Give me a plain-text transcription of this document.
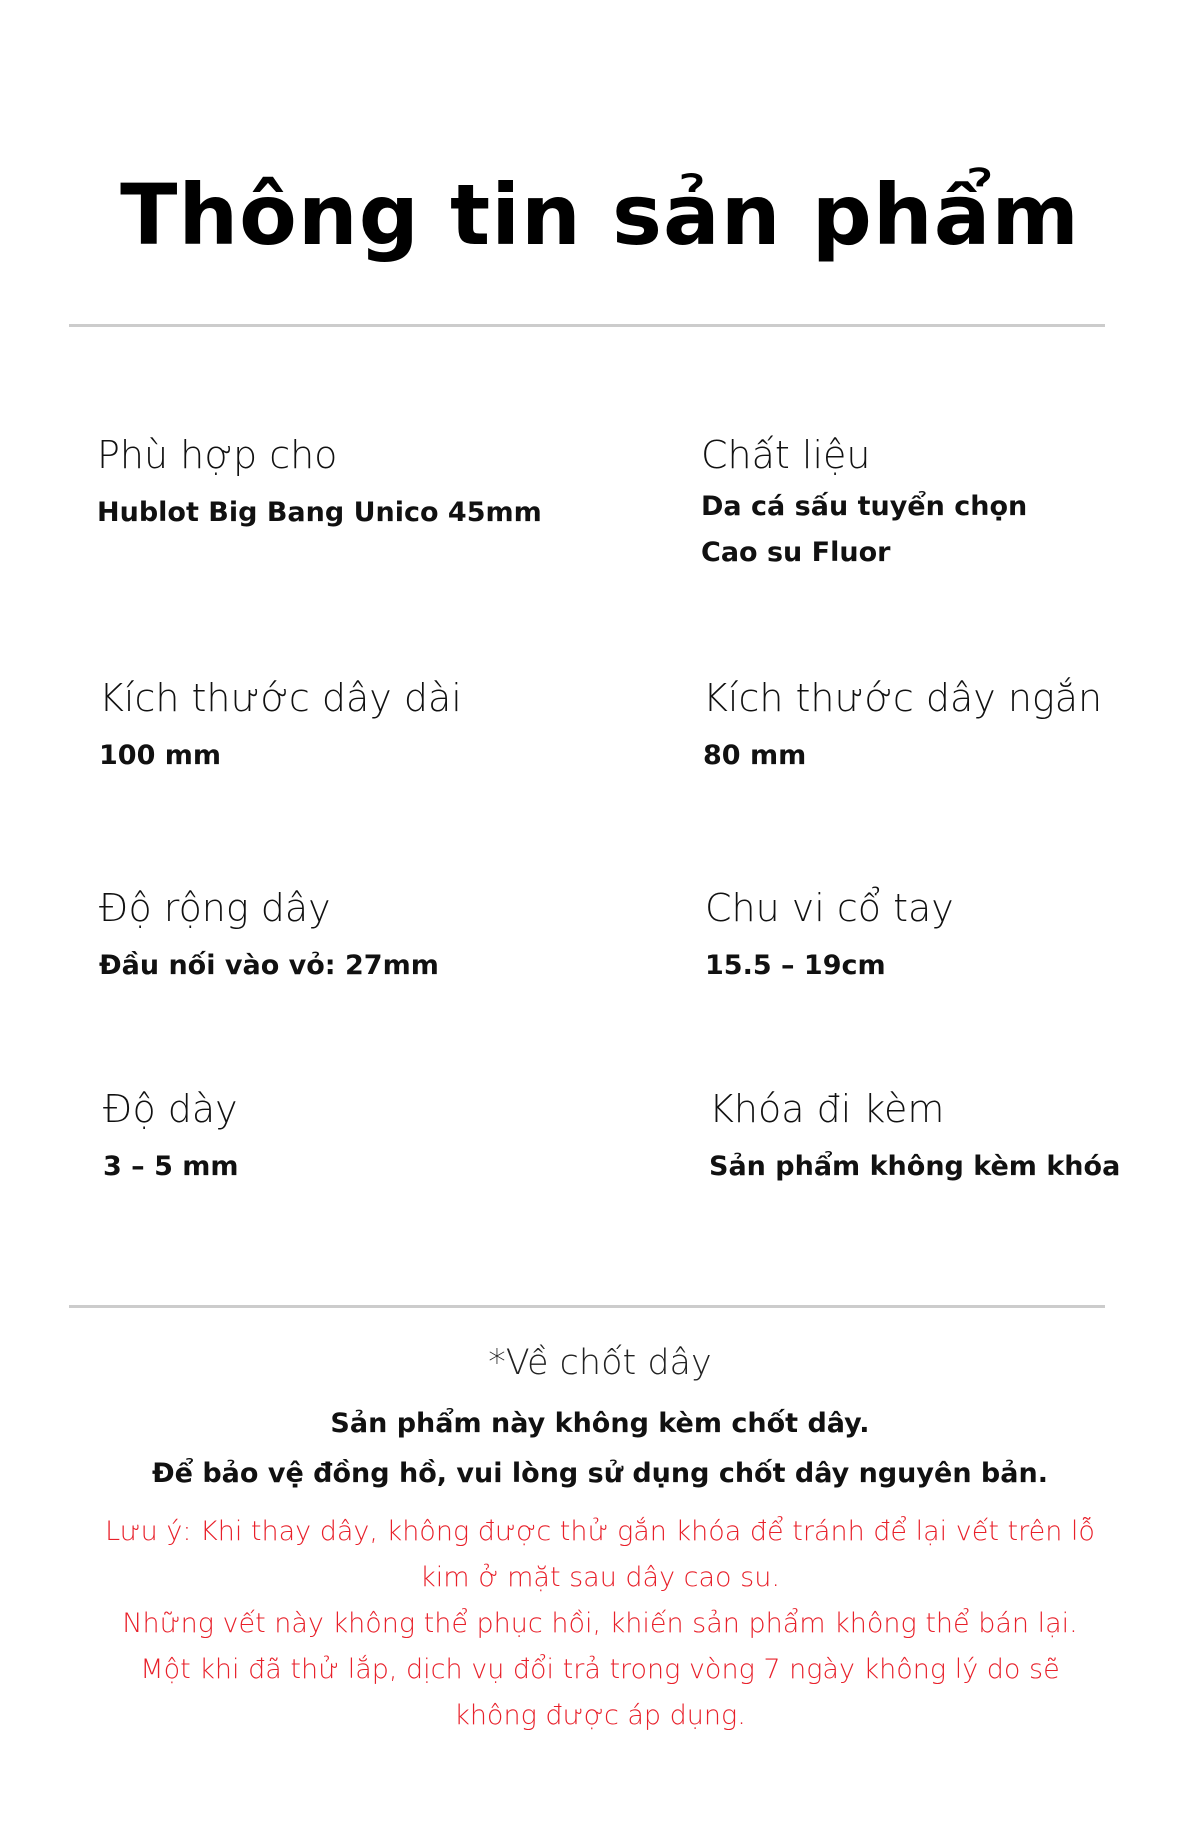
Thông tin sản phẩm
Phù hợp cho
Hublot Big Bang Unico 45mm
Chất liệu
Da cá sấu tuyển chọn
Cao su Fluor
Kích thước dây dài
100 mm
Kích thước dây ngắn
80 mm
Độ rộng dây
Đầu nối vào vỏ: 27mm
Chu vi cổ tay
15.5 – 19cm
Độ dày
3 – 5 mm
Khóa đi kèm
Sản phẩm không kèm khóa
*Về chốt dây
Sản phẩm này không kèm chốt dây.
Để bảo vệ đồng hồ, vui lòng sử dụng chốt dây nguyên bản.
Lưu ý: Khi thay dây, không được thử gắn khóa để tránh để lại vết trên lỗ
kim ở mặt sau dây cao su.
Những vết này không thể phục hồi, khiến sản phẩm không thể bán lại.
Một khi đã thử lắp, dịch vụ đổi trả trong vòng 7 ngày không lý do sẽ
không được áp dụng.
